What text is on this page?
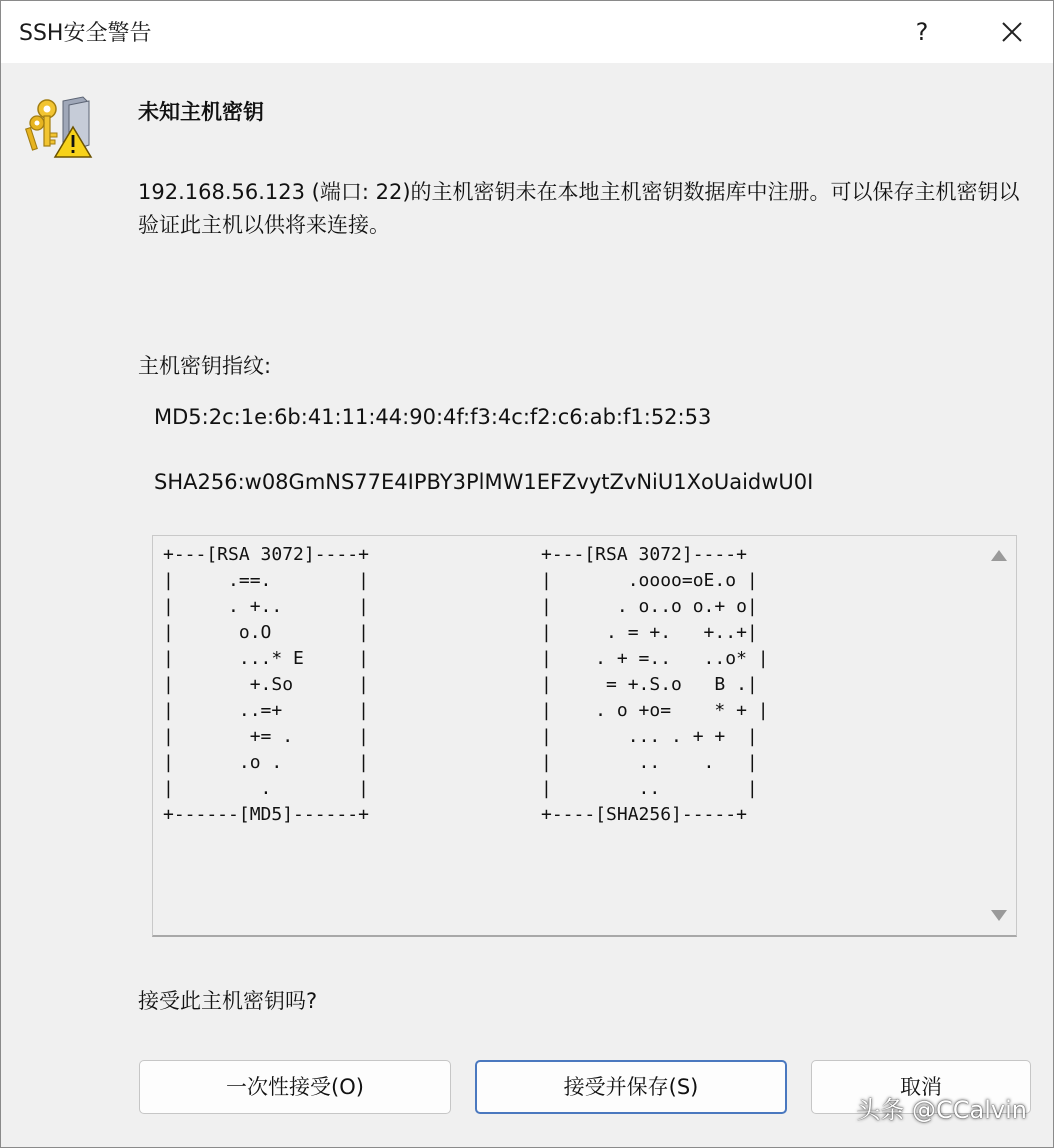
SSH安全警告	?
未知主机密钥
192.168.56.123 (端口: 22)的主机密钥未在本地主机密钥数据库中注册。可以保存主机密钥以验证此主机以供将来连接。
主机密钥指纹:
MD5:2c:1e:6b:41:11:44:90:4f:f3:4c:f2:c6:ab:f1:52:53
SHA256:w08GmNS77E4IPBY3PlMW1EFZvytZvNiU1XoUaidwU0I
+---[RSA 3072]----+
|     .==.        |
|     . +..       |
|      o.O        |
|      ...* E     |
|       +.So      |
|      ..=+       |
|       += .      |
|      .o .       |
|        .        |
+------[MD5]------+
+---[RSA 3072]----+
|       .oooo=oE.o |
|      . o..o o.+ o|
|     . = +.   +..+|
|    . + =..   ..o* |
|     = +.S.o   B .|
|    . o +o=    * + |
|       ... . + +  |
|        ..    .   |
|        ..        |
+----[SHA256]-----+
接受此主机密钥吗?
一次性接受(O)	接受并保存(S)	取消
头条 @CCalvin
